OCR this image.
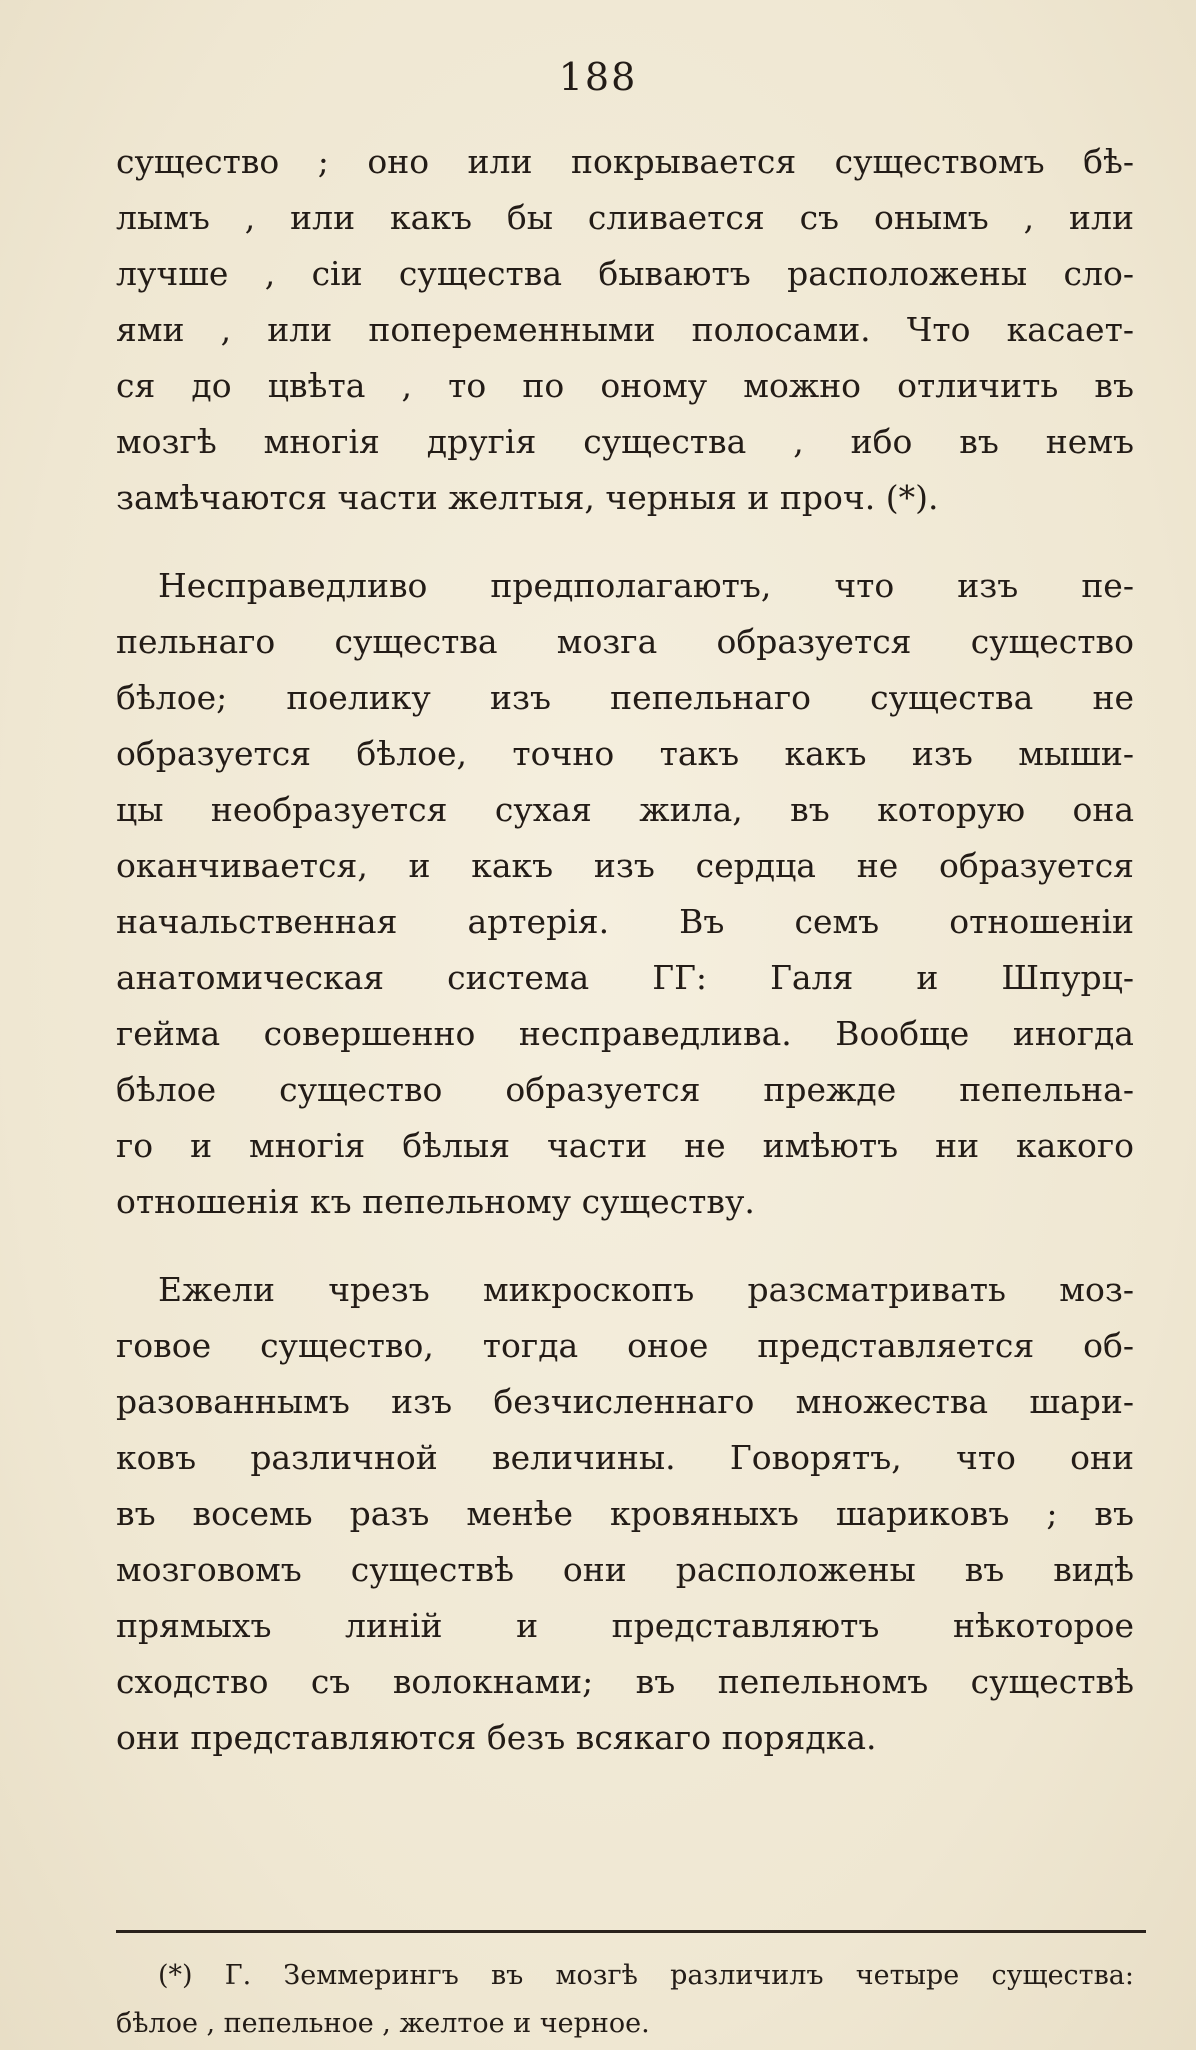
188
существо ; оно или покрывается существомъ бѣ-
лымъ , или какъ бы сливается съ онымъ , или
лучше , сіи существа бываютъ расположены сло-
ями , или попеременными полосами. Что касает-
ся до цвѣта , то по оному можно отличить въ
мозгѣ многія другія существа , ибо въ немъ
замѣчаются части желтыя, черныя и проч. (*).
Несправедливо предполагаютъ, что изъ пе-
пельнаго существа мозга образуется существо
бѣлое; поелику изъ пепельнаго существа не
образуется бѣлое, точно такъ какъ изъ мыши-
цы необразуется сухая жила, въ которую она
оканчивается, и какъ изъ сердца не образуется
начальственная артерія. Въ семъ отношеніи
анатомическая система ГГ: Галя и Шпурц-
гейма совершенно несправедлива. Вообще иногда
бѣлое существо образуется прежде пепельна-
го и многія бѣлыя части не имѣютъ ни какого
отношенія къ пепельному существу.
Ежели чрезъ микроскопъ разсматривать моз-
говое существо, тогда оное представляется об-
разованнымъ изъ безчисленнаго множества шари-
ковъ различной величины. Говорятъ, что они
въ восемь разъ менѣе кровяныхъ шариковъ ; въ
мозговомъ существѣ они расположены въ видѣ
прямыхъ линій и представляютъ нѣкоторое
сходство съ волокнами; въ пепельномъ существѣ
они представляются безъ всякаго порядка.
(*) Г. Земмерингъ въ мозгѣ различилъ четыре существа:
бѣлое , пепельное , желтое и черное.
